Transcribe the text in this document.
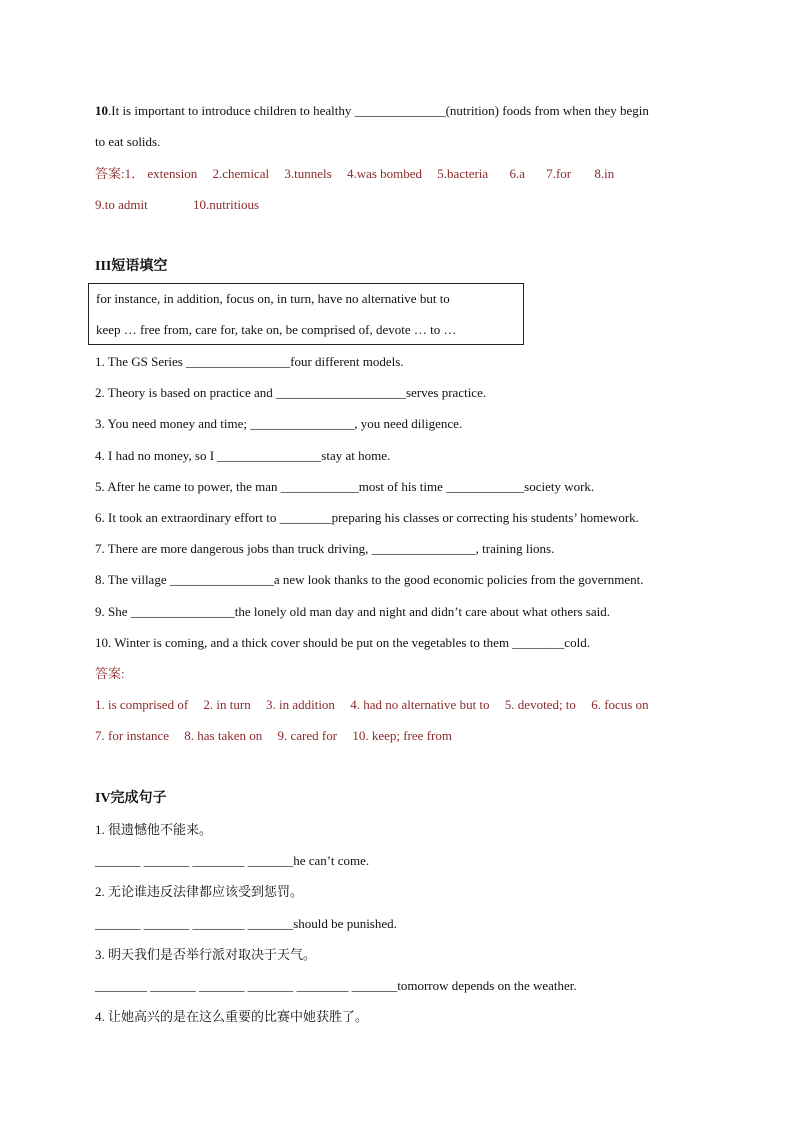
10.It is important to introduce children to healthy ______________(nutrition) foods from when they begin
to eat solids.
答案:1． extension 2.chemical 3.tunnels 4.was bombed 5.bacteria 6.a 7.for 8.in
9.to admit	10.nutritious
III短语填空
for instance, in addition, focus on, in turn, have no alternative but to
keep … free from, care for, take on, be comprised of, devote … to …
1. The GS Series ________________four different models.
2. Theory is based on practice and ____________________serves practice.
3. You need money and time; ________________, you need diligence.
4. I had no money, so I ________________stay at home.
5. After he came to power, the man ____________most of his time ____________society work.
6. It took an extraordinary effort to ________preparing his classes or correcting his students’ homework.
7. There are more dangerous jobs than truck driving, ________________, training lions.
8. The village ________________a new look thanks to the good economic policies from the government.
9. She ________________the lonely old man day and night and didn’t care about what others said.
10. Winter is coming, and a thick cover should be put on the vegetables to them ________cold.
答案:
1. is comprised of 2. in turn 3. in addition 4. had no alternative but to 5. devoted; to 6. focus on
7. for instance 8. has taken on 9. cared for 10. keep; free from
IV完成句子
1. 很遗憾他不能来。
_______ _______ ________ _______he can’t come.
2. 无论谁违反法律都应该受到惩罚。
_______ _______ ________ _______should be punished.
3. 明天我们是否举行派对取决于天气。
________ _______ _______ _______ ________ _______tomorrow depends on the weather.
4. 让她高兴的是在这么重要的比赛中她获胜了。
